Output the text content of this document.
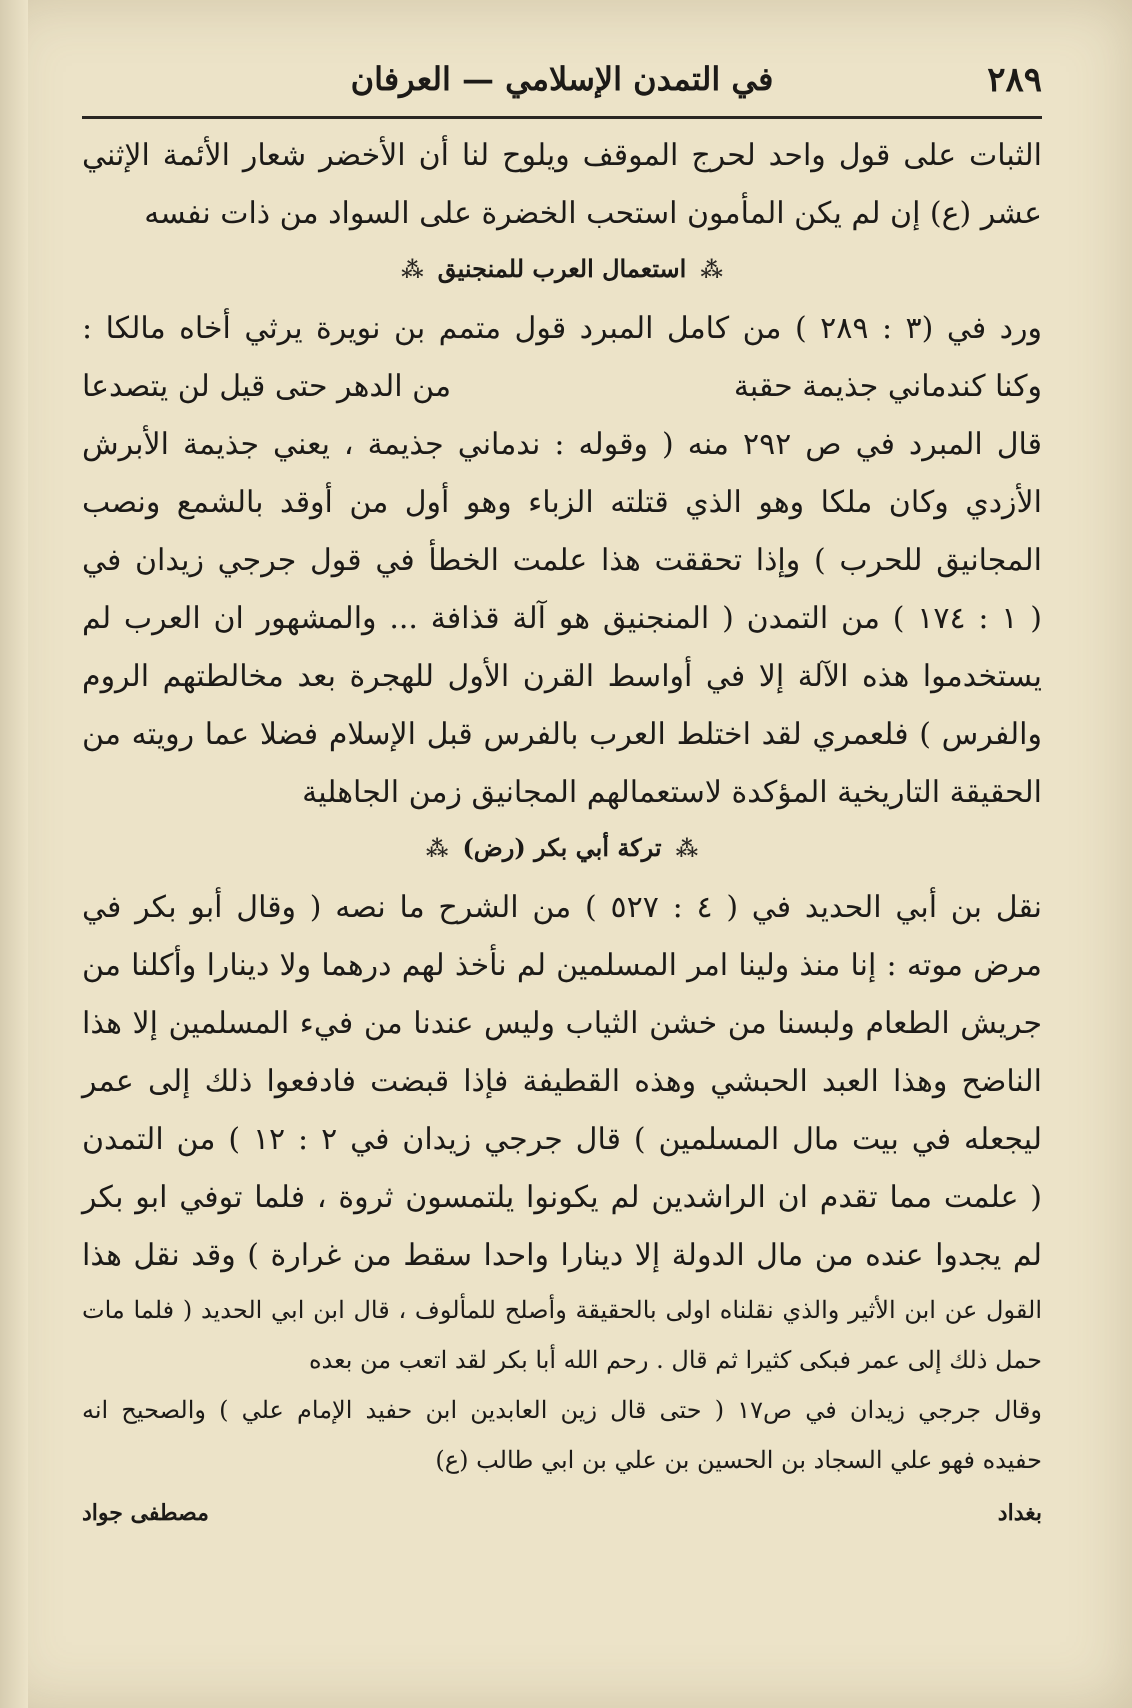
٢٨٩
في التمدن الإسلامي — العرفان

الثبات على قول واحد لحرج الموقف ويلوح لنا أن الأخضر شعار الأئمة الإثني

عشر (ع) إن لم يكن المأمون استحب الخضرة على السواد من ذات نفسه

⁂استعمال العرب للمنجنيق⁂

ورد في (٣ : ٢٨٩ ) من كامل المبرد قول متمم بن نويرة يرثي أخاه مالكا :

وكنا كندماني جذيمة حقبة
من الدهر حتى قيل لن يتصدعا

قال المبرد في ص ٢٩٢ منه ( وقوله : ندماني جذيمة ، يعني جذيمة الأبرش

الأزدي وكان ملكا وهو الذي قتلته الزباء وهو أول من أوقد بالشمع ونصب

المجانيق للحرب ) وإذا تحققت هذا علمت الخطأ في قول جرجي زيدان في

( ١ : ١٧٤ ) من التمدن ( المنجنيق هو آلة قذافة ... والمشهور ان العرب لم

يستخدموا هذه الآلة إلا في أواسط القرن الأول للهجرة بعد مخالطتهم الروم

والفرس ) فلعمري لقد اختلط العرب بالفرس قبل الإسلام فضلا عما رويته من

الحقيقة التاريخية المؤكدة لاستعمالهم المجانيق زمن الجاهلية

⁂تركة أبي بكر (رض)⁂

نقل بن أبي الحديد في ( ٤ : ٥٢٧ ) من الشرح ما نصه ( وقال أبو بكر في

مرض موته : إنا منذ ولينا امر المسلمين لم نأخذ لهم درهما ولا دينارا وأكلنا من

جريش الطعام ولبسنا من خشن الثياب وليس عندنا من فيء المسلمين إلا هذا

الناضح وهذا العبد الحبشي وهذه القطيفة فإذا قبضت فادفعوا ذلك إلى عمر

ليجعله في بيت مال المسلمين ) قال جرجي زيدان في ٢ : ١٢ ) من التمدن

( علمت مما تقدم ان الراشدين لم يكونوا يلتمسون ثروة ، فلما توفي ابو بكر

لم يجدوا عنده من مال الدولة إلا دينارا واحدا سقط من غرارة ) وقد نقل هذا

القول عن ابن الأثير والذي نقلناه اولى بالحقيقة وأصلح للمألوف ، قال ابن ابي الحديد ( فلما مات

حمل ذلك إلى عمر فبكى كثيرا ثم قال . رحم الله أبا بكر لقد اتعب من بعده

وقال جرجي زيدان في ص١٧ ( حتى قال زين العابدين ابن حفيد الإمام علي ) والصحيح انه

حفيده فهو علي السجاد بن الحسين بن علي بن ابي طالب (ع)

بغداد
مصطفى جواد
